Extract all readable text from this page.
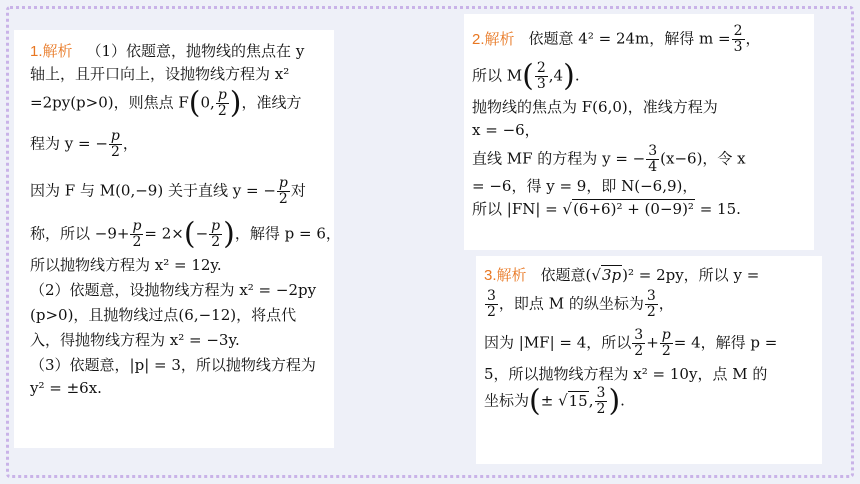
1.解析 （1）依题意，抛物线的焦点在 y
轴上，且开口向上，设抛物线方程为 x²
=2py(p>0)，则焦点 F(0, $\frac{p}{2}$ )，准线方
程为 y = − $\frac{p}{2}$ ，
因为 F 与 M(0,−9) 关于直线 y = − $\frac{p}{2}$ 对
称，所以 $-9+ \frac{p}{2} = 2\times(- \frac{p}{2}$ )，解得 p = 6，
所以抛物线方程为 x² = 12y.
（2）依题意，设抛物线方程为 x² = −2py
(p>0)，且抛物线过点(6,−12)，将点代
入，得抛物线方程为 x² = −3y.
（3）依题意，|p| = 3，所以抛物线方程为
y² = ±6x.
2.解析 依题意 4² = 24m，解得 $m = \frac{2}{3}$ ，
所以 $M( \frac{2}{3} ,4)$.
抛物线的焦点为 F(6,0)，准线方程为
x = −6，
直线 MF 的方程为 y = − $\frac{3}{4} (x-6)$，令 x
= −6，得 y = 9，即 N(−6,9)，
所以 |FN| = √(6+6)² + (0−9)² = 15.
3.解析 依题意(√3p)² = 2py，所以 y =
$\frac{3}{2}$ ，即点 M 的纵坐标为 $\frac{3}{2}$ ，
因为 |MF| = 4，所以 $\frac{3}{2} + \frac{p}{2} = 4$，解得 p =
5，所以抛物线方程为 x² = 10y，点 M 的
坐标为(± √15, $\frac{3}{2}$ ).
